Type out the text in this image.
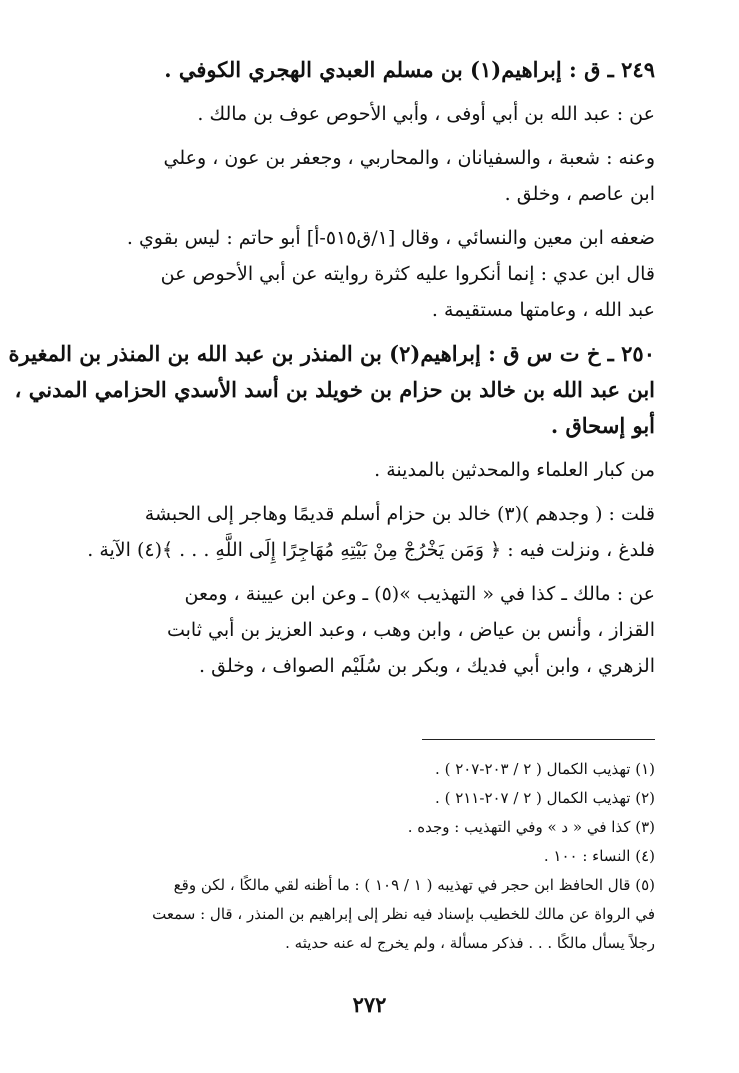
٢٤٩ ـ ق : إبراهيم(١) بن مسلم العبدي الهجري الكوفي .
عن : عبد الله بن أبي أوفى ، وأبي الأحوص عوف بن مالك .
وعنه : شعبة ، والسفيانان ، والمحاربي ، وجعفر بن عون ، وعلي
ابن عاصم ، وخلق .
ضعفه ابن معين والنسائي ، وقال [١/ق٥١٥-أ] أبو حاتم : ليس بقوي .
قال ابن عدي : إنما أنكروا عليه كثرة روايته عن أبي الأحوص عن
عبد الله ، وعامتها مستقيمة .
٢٥٠ ـ خ ت س ق : إبراهيم(٢) بن المنذر بن عبد الله بن المنذر بن المغيرة
ابن عبد الله بن خالد بن حزام بن خويلد بن أسد الأسدي الحزامي المدني ،
أبو إسحاق .
من كبار العلماء والمحدثين بالمدينة .
قلت : ( وجدهم )(٣) خالد بن حزام أسلم قديمًا وهاجر إلى الحبشة
فلدغ ، ونزلت فيه : ﴿ وَمَن يَخْرُجْ مِنْ بَيْتِهِ مُهَاجِرًا إِلَى اللَّهِ . . . ﴾(٤) الآية .
عن : مالك ـ كذا في « التهذيب »(٥) ـ وعن ابن عيينة ، ومعن
القزاز ، وأنس بن عياض ، وابن وهب ، وعبد العزيز بن أبي ثابت
الزهري ، وابن أبي فديك ، وبكر بن سُلَيْم الصواف ، وخلق .
(١) تهذيب الكمال ( ٢ / ٢٠٣-٢٠٧ ) .
(٢) تهذيب الكمال ( ٢ / ٢٠٧-٢١١ ) .
(٣) كذا في « د » وفي التهذيب : وجده .
(٤) النساء : ١٠٠ .
(٥) قال الحافظ ابن حجر في تهذيبه ( ١ / ١٠٩ ) : ما أظنه لقي مالكًا ، لكن وقع
في الرواة عن مالك للخطيب بإسناد فيه نظر إلى إبراهيم بن المنذر ، قال : سمعت
رجلاً يسأل مالكًا . . . فذكر مسألة ، ولم يخرج له عنه حديثه .
٢٧٢
